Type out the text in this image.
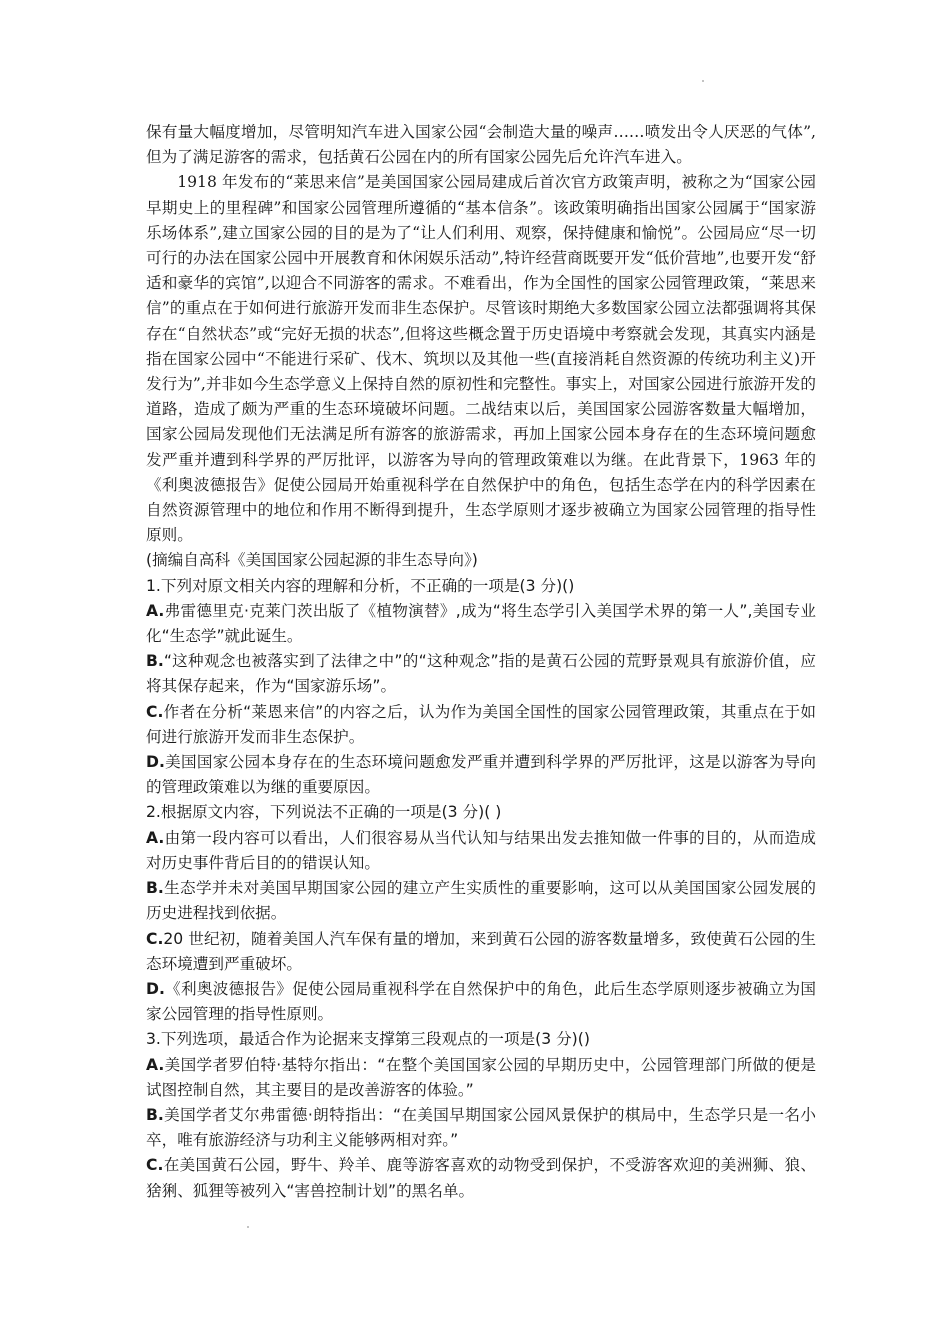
保有量大幅度增加，尽管明知汽车进入国家公园“会制造大量的噪声……喷发出令人厌恶的气体”,但为了满足游客的需求，包括黄石公园在内的所有国家公园先后允许汽车进入。

1918 年发布的“莱思来信”是美国国家公园局建成后首次官方政策声明，被称之为“国家公园早期史上的里程碑”和国家公园管理所遵循的“基本信条”。该政策明确指出国家公园属于“国家游乐场体系”,建立国家公园的目的是为了“让人们利用、观察，保持健康和愉悦”。公园局应“尽一切可行的办法在国家公园中开展教育和休闲娱乐活动”,特许经营商既要开发“低价营地”,也要开发“舒适和豪华的宾馆”,以迎合不同游客的需求。不难看出，作为全国性的国家公园管理政策，“莱思来信”的重点在于如何进行旅游开发而非生态保护。尽管该时期绝大多数国家公园立法都强调将其保存在“自然状态”或“完好无损的状态”,但将这些概念置于历史语境中考察就会发现，其真实内涵是指在国家公园中“不能进行采矿、伐木、筑坝以及其他一些(直接消耗自然资源的传统功利主义)开发行为”,并非如今生态学意义上保持自然的原初性和完整性。事实上，对国家公园进行旅游开发的道路，造成了颇为严重的生态环境破坏问题。二战结束以后，美国国家公园游客数量大幅增加，国家公园局发现他们无法满足所有游客的旅游需求，再加上国家公园本身存在的生态环境问题愈发严重并遭到科学界的严厉批评，以游客为导向的管理政策难以为继。在此背景下，1963 年的《利奥波德报告》促使公园局开始重视科学在自然保护中的角色，包括生态学在内的科学因素在自然资源管理中的地位和作用不断得到提升，生态学原则才逐步被确立为国家公园管理的指导性原则。

(摘编自高科《美国国家公园起源的非生态导向》)

1.下列对原文相关内容的理解和分析，不正确的一项是(3 分)()

A.弗雷德里克·克莱门茨出版了《植物演替》,成为“将生态学引入美国学术界的第一人”,美国专业化“生态学”就此诞生。

B.“这种观念也被落实到了法律之中”的“这种观念”指的是黄石公园的荒野景观具有旅游价值，应将其保存起来，作为“国家游乐场”。

C.作者在分析“莱恩来信”的内容之后，认为作为美国全国性的国家公园管理政策，其重点在于如何进行旅游开发而非生态保护。

D.美国国家公园本身存在的生态环境问题愈发严重并遭到科学界的严厉批评，这是以游客为导向的管理政策难以为继的重要原因。

2.根据原文内容，下列说法不正确的一项是(3 分)( )

A.由第一段内容可以看出，人们很容易从当代认知与结果出发去推知做一件事的目的，从而造成对历史事件背后目的的错误认知。

B.生态学并未对美国早期国家公园的建立产生实质性的重要影响，这可以从美国国家公园发展的历史进程找到依据。

C.20 世纪初，随着美国人汽车保有量的增加，来到黄石公园的游客数量增多，致使黄石公园的生态环境遭到严重破坏。

D.《利奥波德报告》促使公园局重视科学在自然保护中的角色，此后生态学原则逐步被确立为国家公园管理的指导性原则。

3.下列选项，最适合作为论据来支撑第三段观点的一项是(3 分)()

A.美国学者罗伯特·基特尔指出：“在整个美国国家公园的早期历史中，公园管理部门所做的便是试图控制自然，其主要目的是改善游客的体验。”

B.美国学者艾尔弗雷德·朗特指出：“在美国早期国家公园风景保护的棋局中，生态学只是一名小卒，唯有旅游经济与功利主义能够两相对弈。”

C.在美国黄石公园，野牛、羚羊、鹿等游客喜欢的动物受到保护，不受游客欢迎的美洲狮、狼、猞猁、狐狸等被列入“害兽控制计划”的黑名单。
